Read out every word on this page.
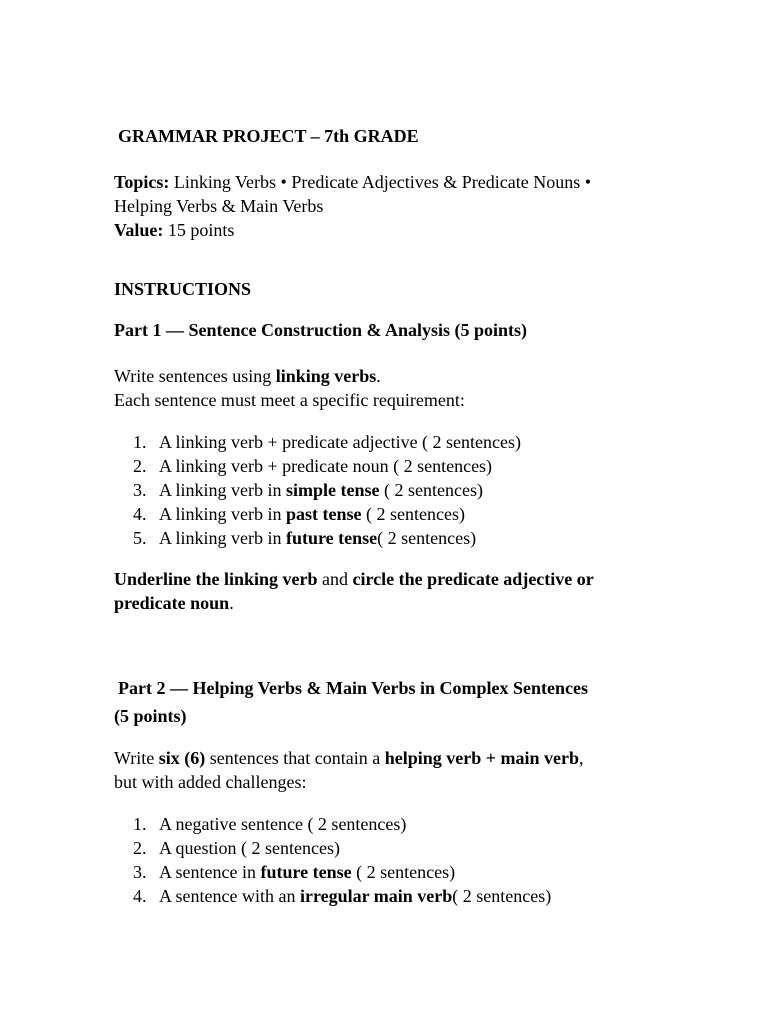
GRAMMAR PROJECT – 7th GRADE
Topics: Linking Verbs • Predicate Adjectives & Predicate Nouns •
Helping Verbs & Main Verbs
Value: 15 points
INSTRUCTIONS
Part 1 — Sentence Construction & Analysis (5 points)
Write sentences using linking verbs.
Each sentence must meet a specific requirement:
1. A linking verb + predicate adjective ( 2 sentences)
2. A linking verb + predicate noun ( 2 sentences)
3. A linking verb in simple tense ( 2 sentences)
4. A linking verb in past tense ( 2 sentences)
5. A linking verb in future tense( 2 sentences)
Underline the linking verb and circle the predicate adjective or
predicate noun.
Part 2 — Helping Verbs & Main Verbs in Complex Sentences
(5 points)
Write six (6) sentences that contain a helping verb + main verb,
but with added challenges:
1. A negative sentence ( 2 sentences)
2. A question ( 2 sentences)
3. A sentence in future tense ( 2 sentences)
4. A sentence with an irregular main verb( 2 sentences)
